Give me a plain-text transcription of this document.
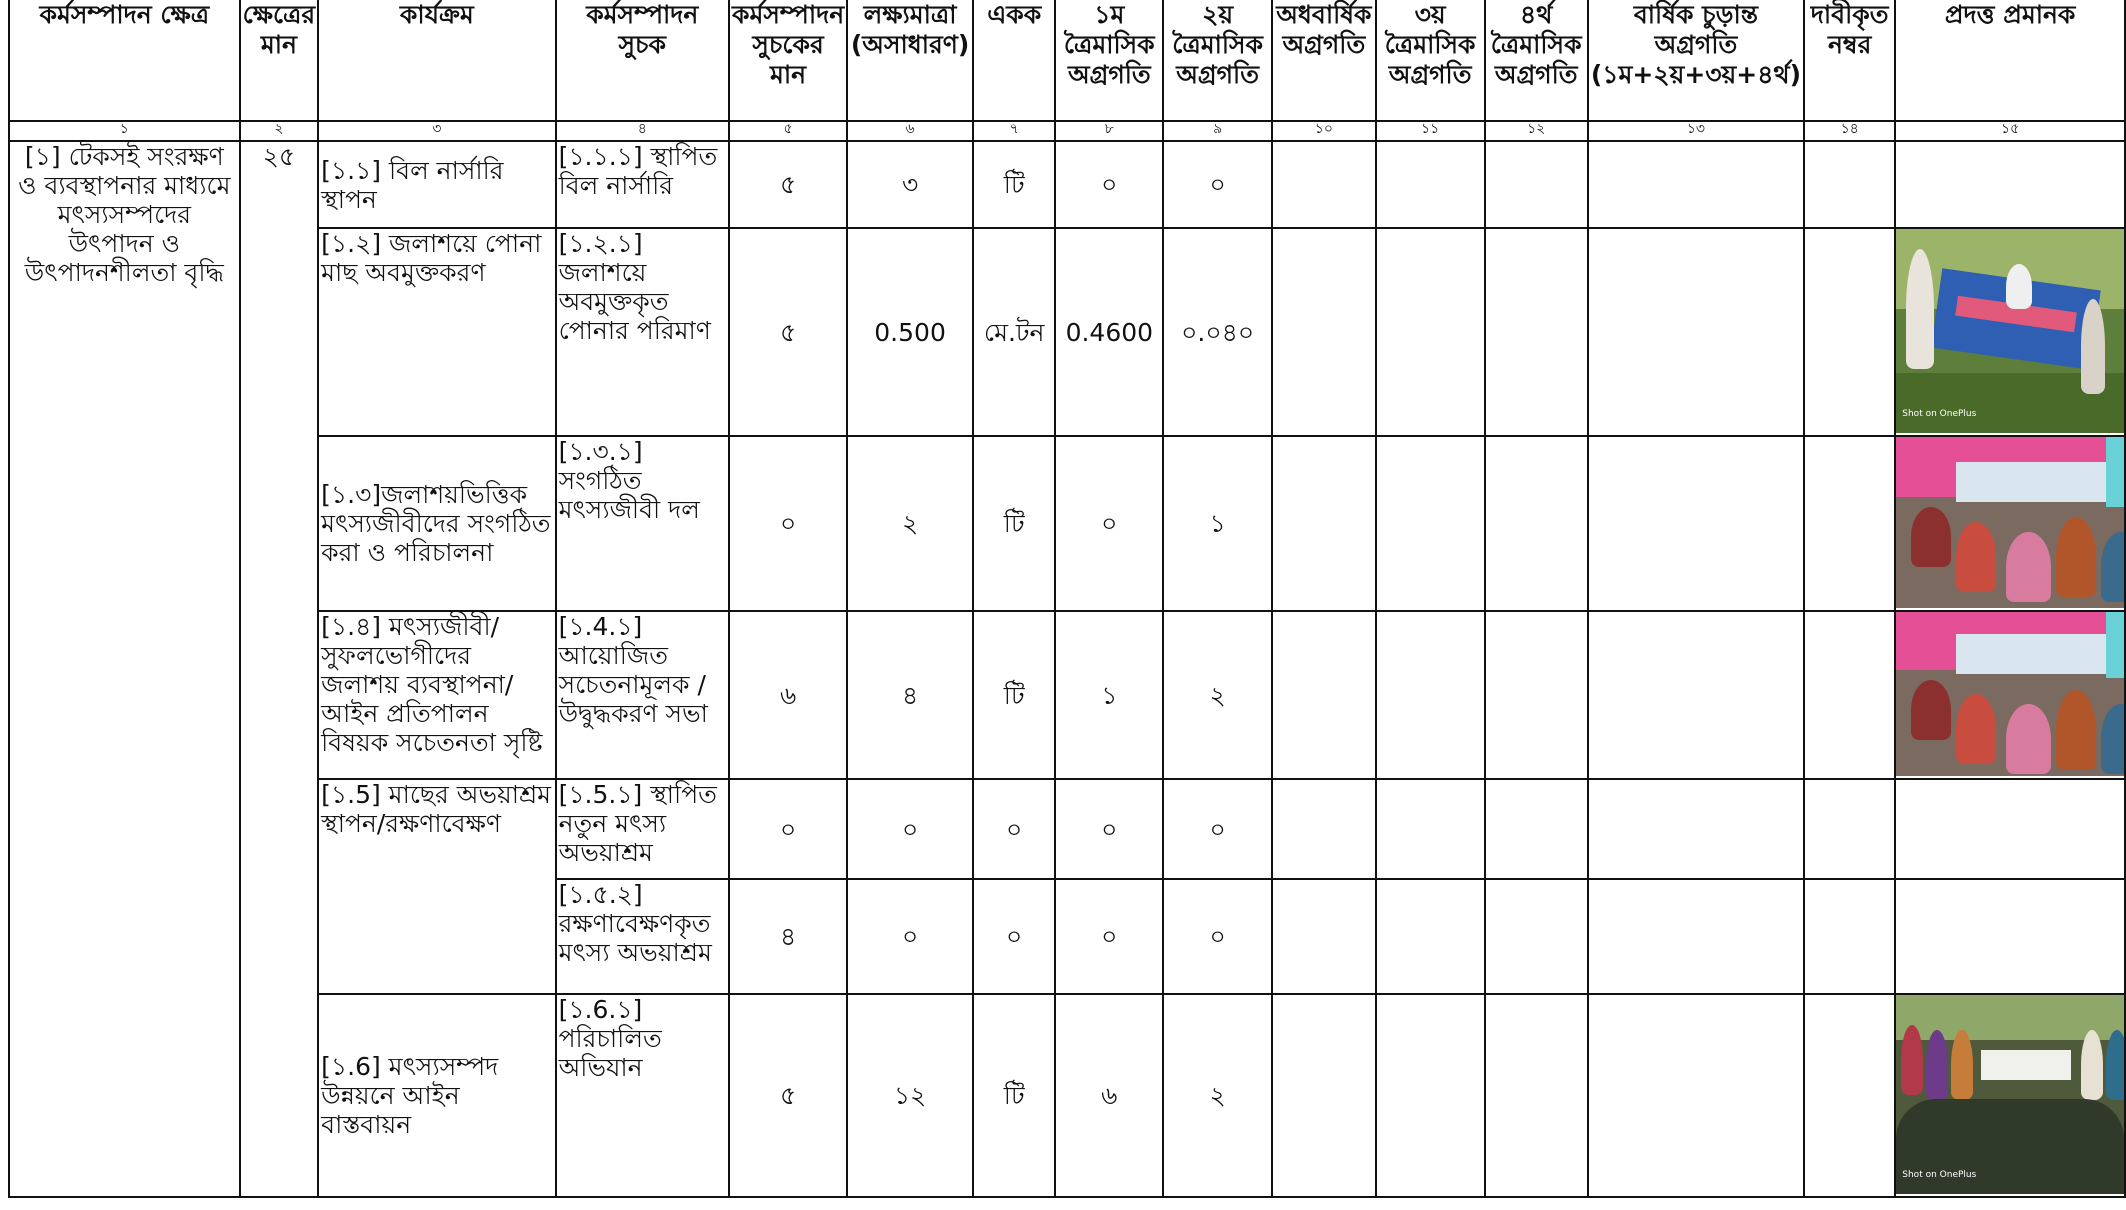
কর্মসম্পাদন ক্ষেত্র	ক্ষেত্রের মান	কার্যক্রম	কর্মসম্পাদন সুচক	কর্মসম্পাদন সুচকের মান	লক্ষ্যমাত্রা (অসাধারণ)	একক	১ম ত্রৈমাসিক অগ্রগতি	২য় ত্রৈমাসিক অগ্রগতি	অধবার্ষিক অগ্রগতি	৩য় ত্রৈমাসিক অগ্রগতি	৪র্থ ত্রৈমাসিক অগ্রগতি	বার্ষিক চুড়ান্ত অগ্রগতি (১ম+২য়+৩য়+৪র্থ)	দাবীকৃত নম্বর	প্রদত্ত প্রমানক
১	২	৩	৪	৫	৬	৭	৮	৯	১০	১১	১২	১৩	১৪	১৫
[১] টেকসই সংরক্ষণ ও ব্যবস্থাপনার মাধ্যমে মৎস্যসম্পদের উৎপাদন ও উৎপাদনশীলতা বৃদ্ধি	২৫	[১.১] বিল নার্সারি স্থাপন	[১.১.১] স্থাপিত বিল নার্সারি	৫	৩	টি	০	০						
		[১.২] জলাশয়ে পোনা মাছ অবমুক্তকরণ	[১.২.১] জলাশয়ে অবমুক্তকৃত পোনার পরিমাণ	৫	0.500	মে.টন	0.4600	০.০৪০						Shot on OnePlus

		[১.৩]জলাশয়ভিত্তিক মৎস্যজীবীদের সংগঠিত করা ও পরিচালনা	[১.৩.১] সংগঠিত মৎস্যজীবী দল	০	২	টি	০	১						

		[১.৪] মৎস্যজীবী/সুফলভোগীদের জলাশয় ব্যবস্থাপনা/ আইন প্রতিপালন বিষয়ক সচেতনতা সৃষ্টি	[১.4.১] আয়োজিত সচেতনামূলক /উদ্বুদ্ধকরণ সভা	৬	৪	টি	১	২						

		[১.5] মাছের অভয়াশ্রম স্থাপন/রক্ষণাবেক্ষণ	[১.5.১] স্থাপিত নতুন মৎস্য অভয়াশ্রম	০	০	০	০	০						
			[১.৫.২] রক্ষণাবেক্ষণকৃত মৎস্য অভয়াশ্রম	৪	০	০	০	০						
		[১.6] মৎস্যসম্পদ উন্নয়নে আইন বাস্তবায়ন	[১.6.১] পরিচালিত অভিযান	৫	১২	টি	৬	২						Shot on OnePlus
